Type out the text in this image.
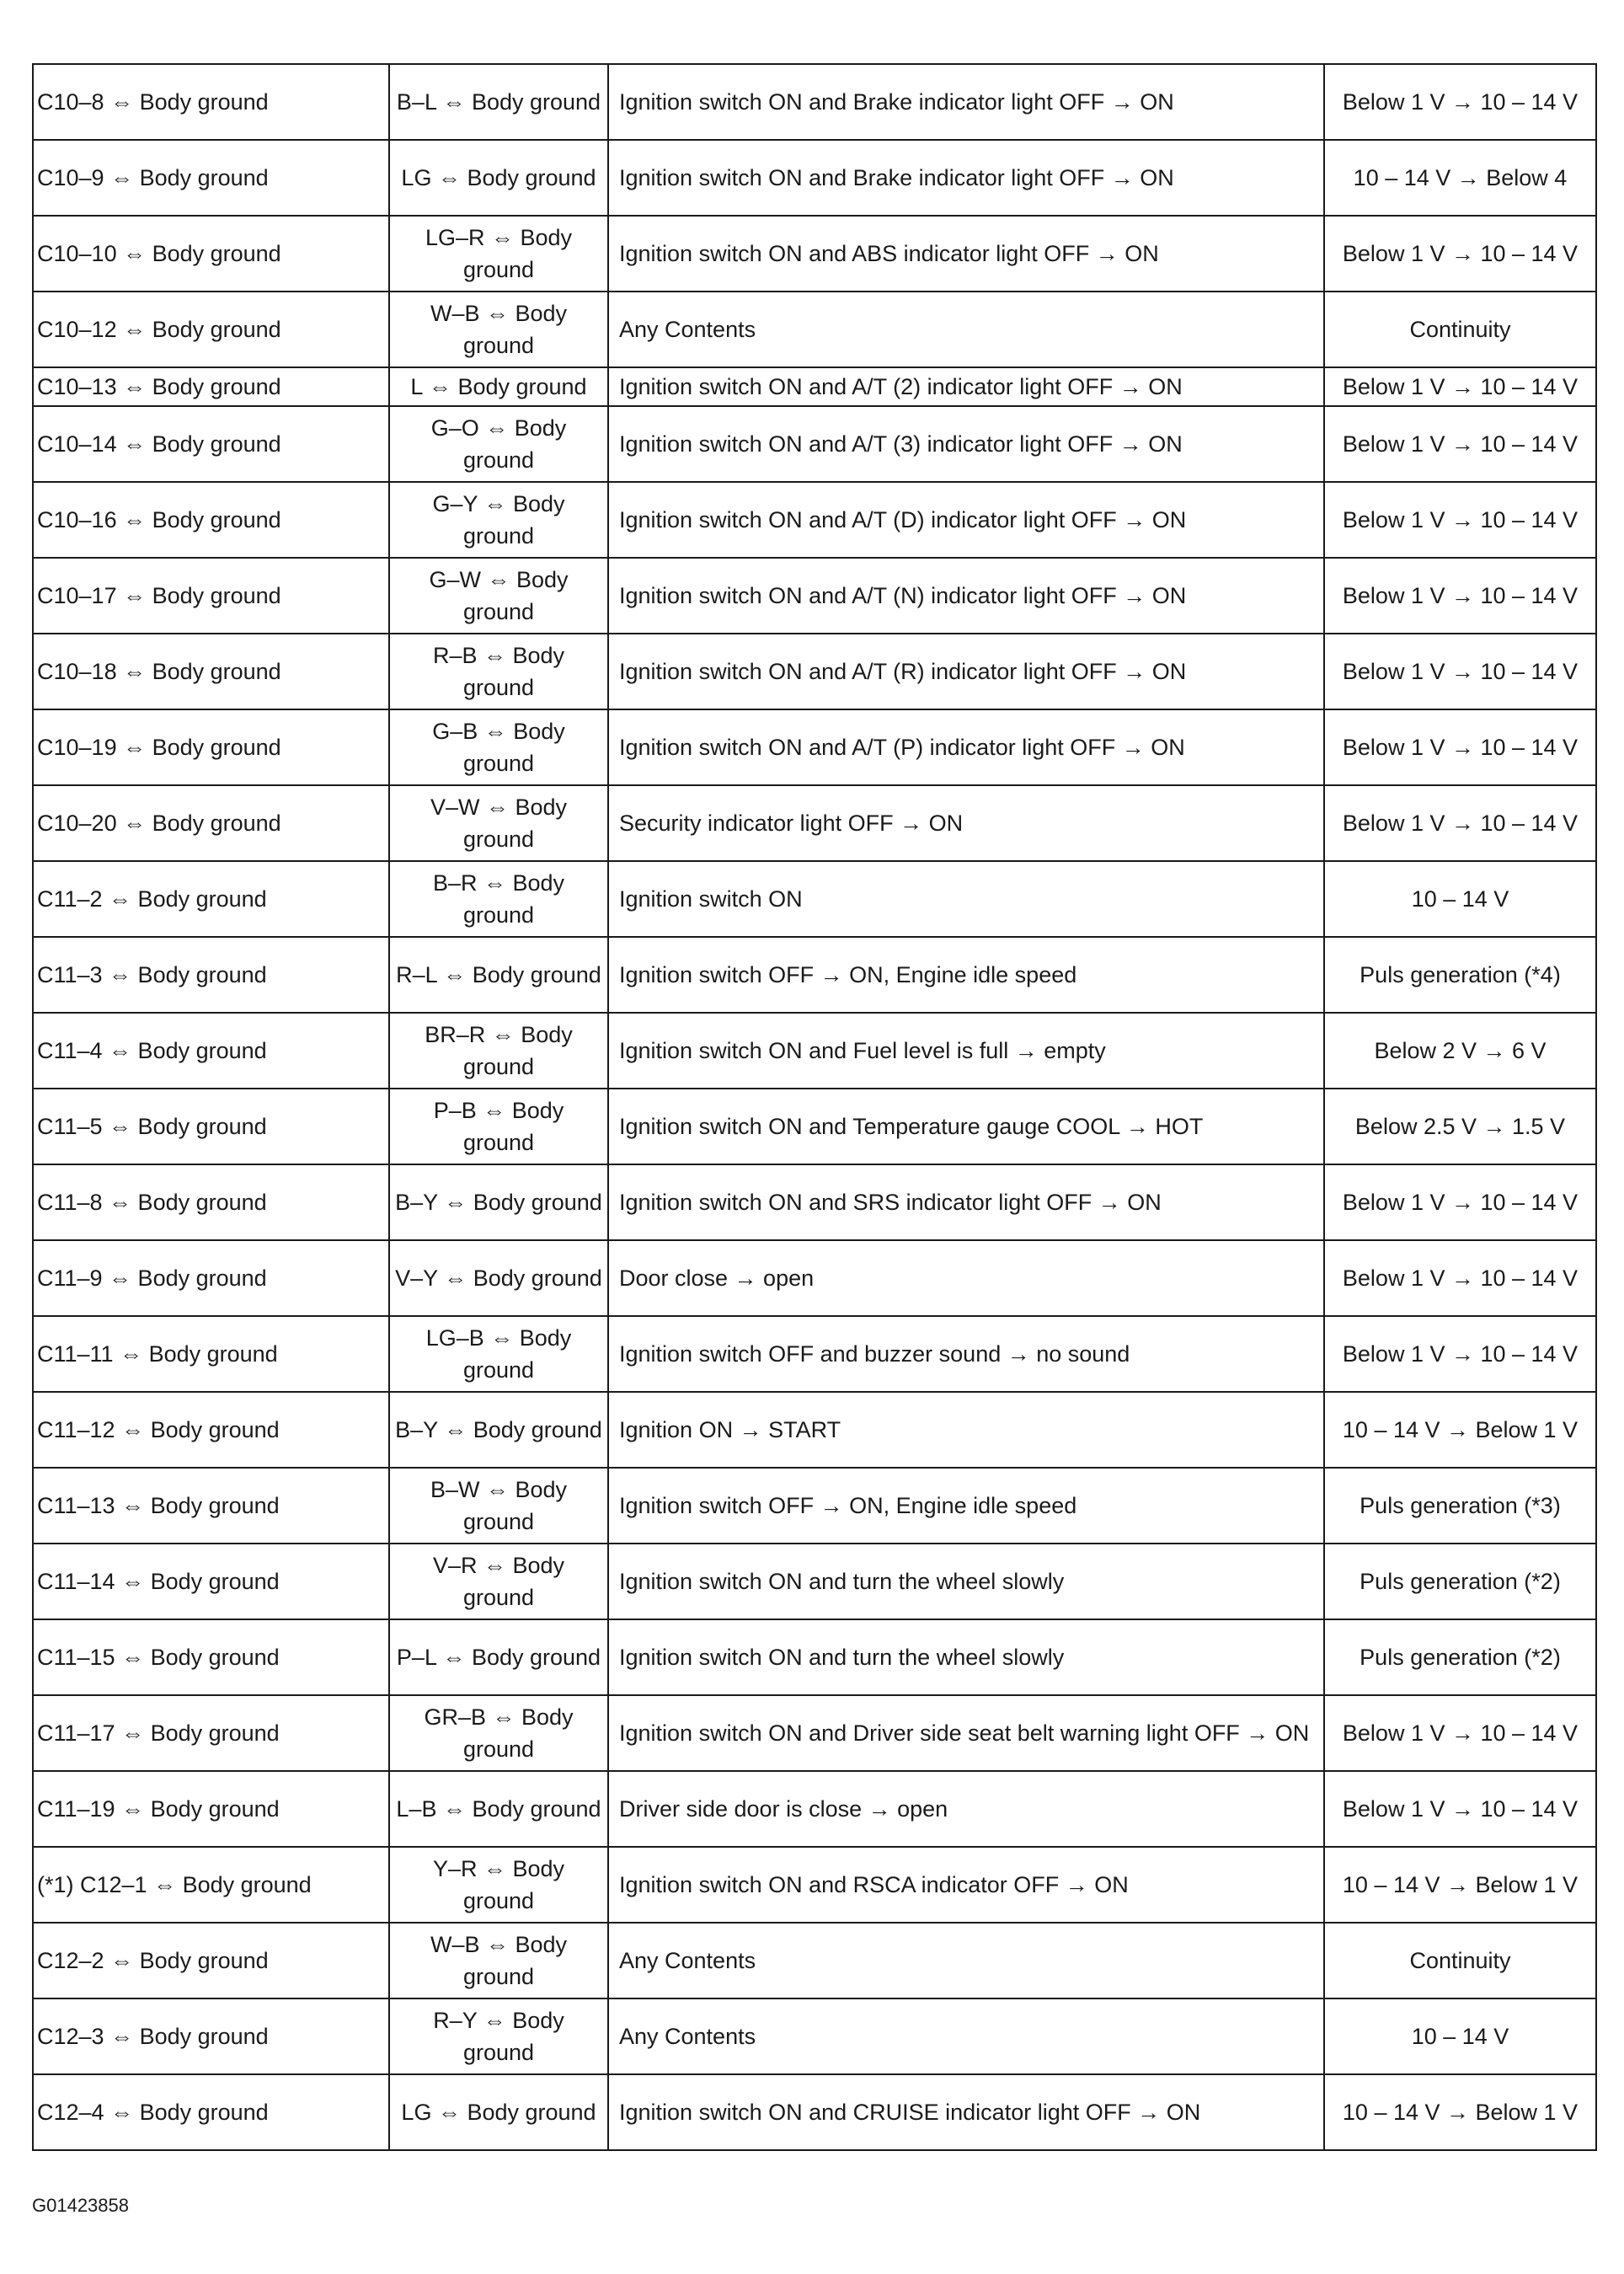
C10–8 ⇔ Body ground	B–L ⇔ Body ground	Ignition switch ON and Brake indicator light OFF → ON	Below 1 V → 10 – 14 V
C10–9 ⇔ Body ground	LG ⇔ Body ground	Ignition switch ON and Brake indicator light OFF → ON	10 – 14 V → Below 4
C10–10 ⇔ Body ground	LG–R ⇔ Body ground	Ignition switch ON and ABS indicator light OFF → ON	Below 1 V → 10 – 14 V
C10–12 ⇔ Body ground	W–B ⇔ Body ground	Any Contents	Continuity
C10–13 ⇔ Body ground	L ⇔ Body ground	Ignition switch ON and A/T (2) indicator light OFF → ON	Below 1 V → 10 – 14 V
C10–14 ⇔ Body ground	G–O ⇔ Body ground	Ignition switch ON and A/T (3) indicator light OFF → ON	Below 1 V → 10 – 14 V
C10–16 ⇔ Body ground	G–Y ⇔ Body ground	Ignition switch ON and A/T (D) indicator light OFF → ON	Below 1 V → 10 – 14 V
C10–17 ⇔ Body ground	G–W ⇔ Body ground	Ignition switch ON and A/T (N) indicator light OFF → ON	Below 1 V → 10 – 14 V
C10–18 ⇔ Body ground	R–B ⇔ Body ground	Ignition switch ON and A/T (R) indicator light OFF → ON	Below 1 V → 10 – 14 V
C10–19 ⇔ Body ground	G–B ⇔ Body ground	Ignition switch ON and A/T (P) indicator light OFF → ON	Below 1 V → 10 – 14 V
C10–20 ⇔ Body ground	V–W ⇔ Body ground	Security indicator light OFF → ON	Below 1 V → 10 – 14 V
C11–2 ⇔ Body ground	B–R ⇔ Body ground	Ignition switch ON	10 – 14 V
C11–3 ⇔ Body ground	R–L ⇔ Body ground	Ignition switch OFF → ON, Engine idle speed	Puls generation (*4)
C11–4 ⇔ Body ground	BR–R ⇔ Body ground	Ignition switch ON and Fuel level is full → empty	Below 2 V → 6 V
C11–5 ⇔ Body ground	P–B ⇔ Body ground	Ignition switch ON and Temperature gauge COOL → HOT	Below 2.5 V → 1.5 V
C11–8 ⇔ Body ground	B–Y ⇔ Body ground	Ignition switch ON and SRS indicator light OFF → ON	Below 1 V → 10 – 14 V
C11–9 ⇔ Body ground	V–Y ⇔ Body ground	Door close → open	Below 1 V → 10 – 14 V
C11–11 ⇔ Body ground	LG–B ⇔ Body ground	Ignition switch OFF and buzzer sound → no sound	Below 1 V → 10 – 14 V
C11–12 ⇔ Body ground	B–Y ⇔ Body ground	Ignition ON → START	10 – 14 V → Below 1 V
C11–13 ⇔ Body ground	B–W ⇔ Body ground	Ignition switch OFF → ON, Engine idle speed	Puls generation (*3)
C11–14 ⇔ Body ground	V–R ⇔ Body ground	Ignition switch ON and turn the wheel slowly	Puls generation (*2)
C11–15 ⇔ Body ground	P–L ⇔ Body ground	Ignition switch ON and turn the wheel slowly	Puls generation (*2)
C11–17 ⇔ Body ground	GR–B ⇔ Body ground	Ignition switch ON and Driver side seat belt warning light OFF → ON	Below 1 V → 10 – 14 V
C11–19 ⇔ Body ground	L–B ⇔ Body ground	Driver side door is close → open	Below 1 V → 10 – 14 V
(*1) C12–1 ⇔ Body ground	Y–R ⇔ Body ground	Ignition switch ON and RSCA indicator OFF → ON	10 – 14 V → Below 1 V
C12–2 ⇔ Body ground	W–B ⇔ Body ground	Any Contents	Continuity
C12–3 ⇔ Body ground	R–Y ⇔ Body ground	Any Contents	10 – 14 V
C12–4 ⇔ Body ground	LG ⇔ Body ground	Ignition switch ON and CRUISE indicator light OFF → ON	10 – 14 V → Below 1 V
G01423858
